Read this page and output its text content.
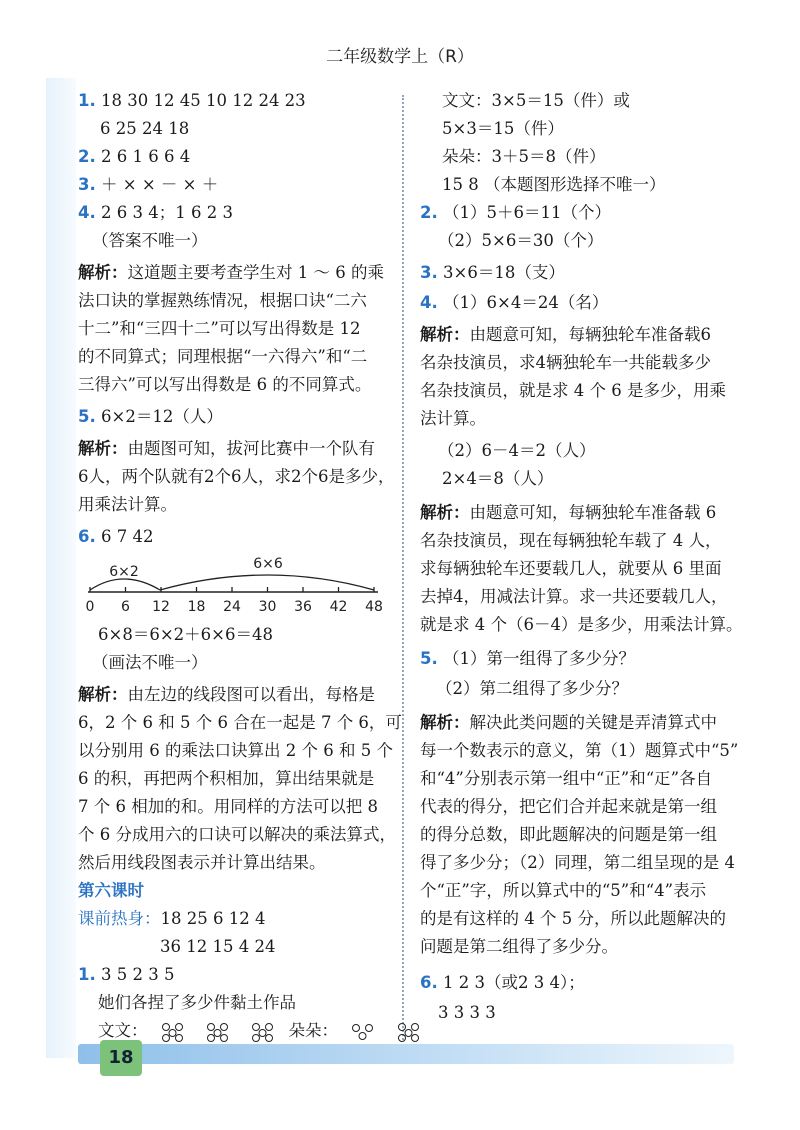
二年级数学上（R）
1. 18 30 12 45 10 12 24 23
6 25 24 18
2. 2 6 1 6 6 4
3. ＋ × × － × ＋
4. 2 6 3 4；1 6 2 3
（答案不唯一）
解析：这道题主要考查学生对 1 ～ 6 的乘
法口诀的掌握熟练情况，根据口诀“二六
十二”和“三四十二”可以写出得数是 12
的不同算式；同理根据“一六得六”和“二
三得六”可以写出得数是 6 的不同算式。
5. 6×2＝12（人）
解析：由题图可知，拔河比赛中一个队有
6人，两个队就有2个6人，求2个6是多少，
用乘法计算。
6. 6 7 42
6×2	6×6
0 6 12 18 24 30 36 42 48
6×8＝6×2＋6×6＝48
（画法不唯一）
解析：由左边的线段图可以看出，每格是
6，2 个 6 和 5 个 6 合在一起是 7 个 6，可
以分别用 6 的乘法口诀算出 2 个 6 和 5 个
6 的积，再把两个积相加，算出结果就是
7 个 6 相加的和。用同样的方法可以把 8
个 6 分成用六的口诀可以解决的乘法算式，
然后用线段图表示并计算出结果。
第六课时
课前热身：18 25 6 12 4
36 12 15 4 24
1. 3 5 2 3 5
她们各捏了多少件黏土作品
文文：	朵朵：
文文：3×5＝15（件）或
5×3＝15（件）
朵朵：3＋5＝8（件）
15 8 （本题图形选择不唯一）
2. （1）5＋6＝11（个）
（2）5×6＝30（个）
3. 3×6＝18（支）
4. （1）6×4＝24（名）
解析：由题意可知，每辆独轮车准备载6
名杂技演员，求4辆独轮车一共能载多少
名杂技演员，就是求 4 个 6 是多少，用乘
法计算。
（2）6－4＝2（人）
2×4＝8（人）
解析：由题意可知，每辆独轮车准备载 6
名杂技演员，现在每辆独轮车载了 4 人，
求每辆独轮车还要载几人，就要从 6 里面
去掉4，用减法计算。求一共还要载几人，
就是求 4 个（6－4）是多少，用乘法计算。
5. （1）第一组得了多少分？
（2）第二组得了多少分？
解析：解决此类问题的关键是弄清算式中
每一个数表示的意义，第（1）题算式中“5”
和“4”分别表示第一组中“正”和“𤴓”各自
代表的得分，把它们合并起来就是第一组
的得分总数，即此题解决的问题是第一组
得了多少分；（2）同理，第二组呈现的是 4
个“正”字，所以算式中的“5”和“4”表示
的是有这样的 4 个 5 分，所以此题解决的
问题是第二组得了多少分。
6. 1 2 3（或2 3 4）；
3 3 3 3
18
